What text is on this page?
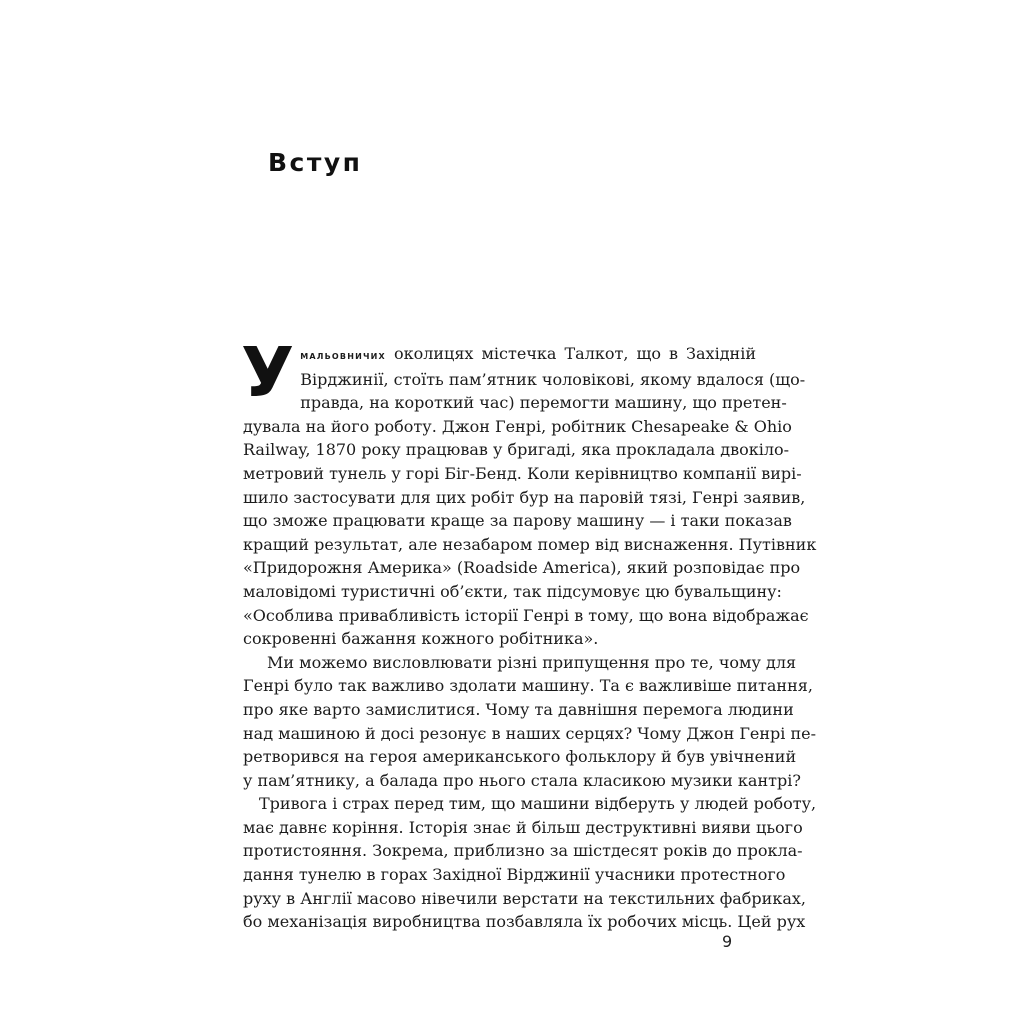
Вступ
У мальовничих околицях містечка Талкот, що в Західній
Вірджинії, стоїть пам’ятник чоловікові, якому вдалося (що-
правда, на короткий час) перемогти машину, що претен-
дувала на його роботу. Джон Генрі, робітник Chesapeake & Ohio
Railway, 1870 року працював у бригаді, яка прокладала двокіло-
метровий тунель у горі Біг-Бенд. Коли керівництво компанії вирі-
шило застосувати для цих робіт бур на паровій тязі, Генрі заявив,
що зможе працювати краще за парову машину — і таки показав
кращий результат, але незабаром помер від виснаження. Путівник
«Придорожня Америка» (Roadside America), який розповідає про
маловідомі туристичні об’єкти, так підсумовує цю бувальщину:
«Особлива привабливість історії Генрі в тому, що вона відображає
сокровенні бажання кожного робітника».
Ми можемо висловлювати різні припущення про те, чому для
Генрі було так важливо здолати машину. Та є важливіше питання,
про яке варто замислитися. Чому та давнішня перемога людини
над машиною й досі резонує в наших серцях? Чому Джон Генрі пе-
ретворився на героя американського фольклору й був увічнений
у пам’ятнику, а балада про нього стала класикою музики кантрі?
Тривога і страх перед тим, що машини відберуть у людей роботу,
має давнє коріння. Історія знає й більш деструктивні вияви цього
протистояння. Зокрема, приблизно за шістдесят років до прокла-
дання тунелю в горах Західної Вірджинії учасники протестного
руху в Англії масово нівечили верстати на текстильних фабриках,
бо механізація виробництва позбавляла їх робочих місць. Цей рух
9
